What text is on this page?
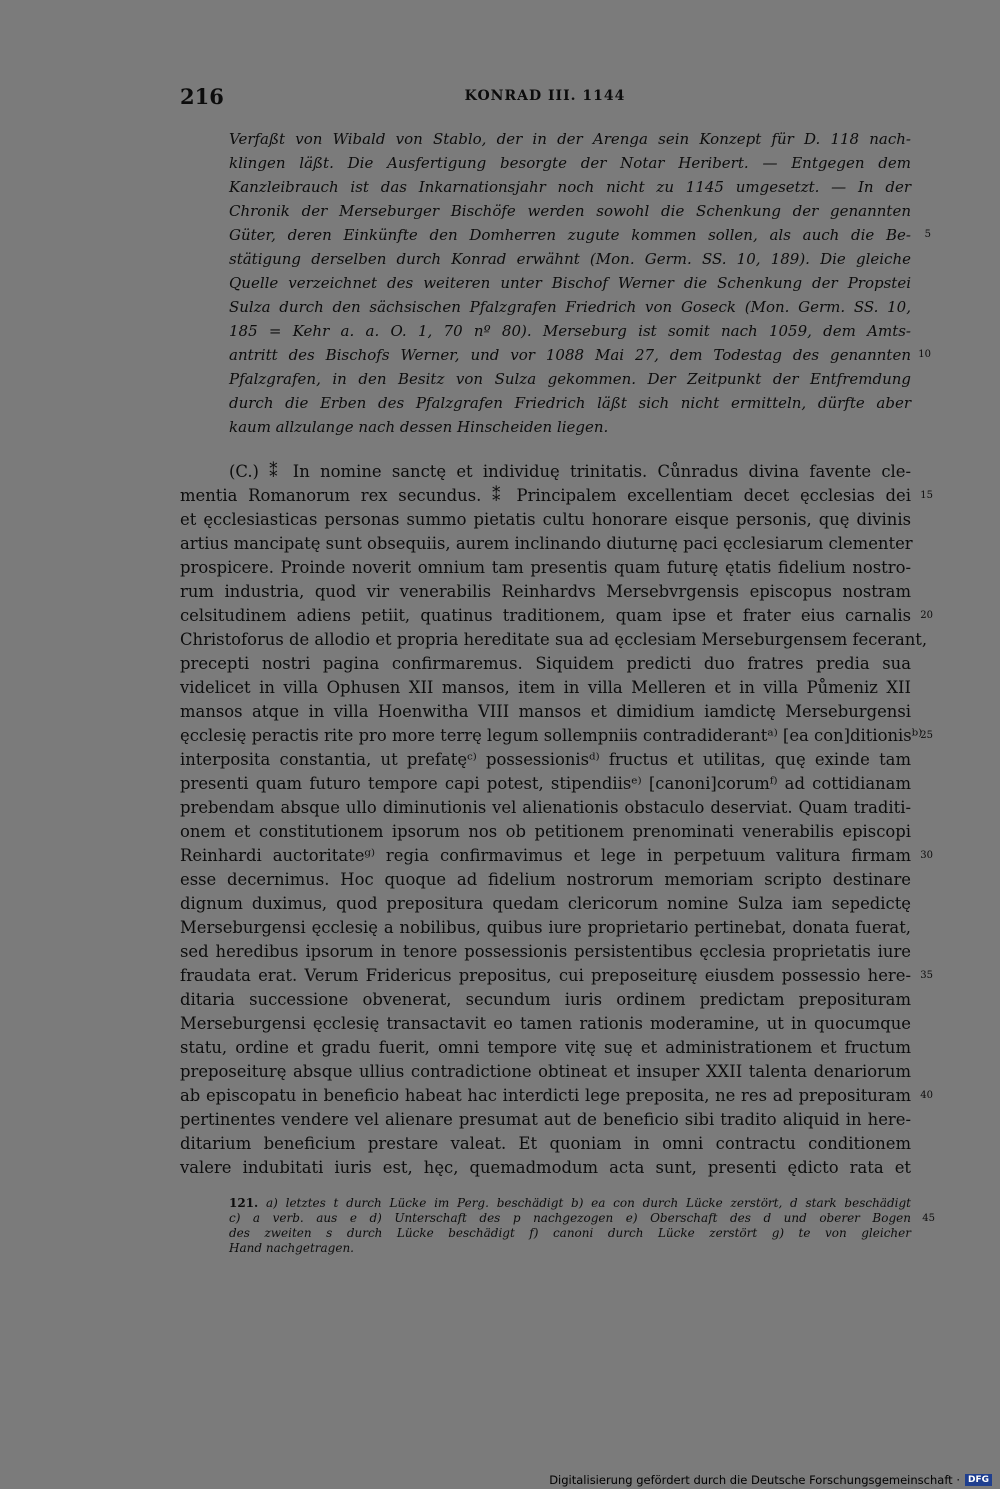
216	KONRAD III. 1144
Verfaßt von Wibald von Stablo, der in der Arenga sein Konzept für D. 118 nach-
klingen läßt. Die Ausfertigung besorgte der Notar Heribert. — Entgegen dem
Kanzleibrauch ist das Inkarnationsjahr noch nicht zu 1145 umgesetzt. — In der
Chronik der Merseburger Bischöfe werden sowohl die Schenkung der genannten
Güter, deren Einkünfte den Domherren zugute kommen sollen, als auch die Be- 5
stätigung derselben durch Konrad erwähnt (Mon. Germ. SS. 10, 189). Die gleiche
Quelle verzeichnet des weiteren unter Bischof Werner die Schenkung der Propstei
Sulza durch den sächsischen Pfalzgrafen Friedrich von Goseck (Mon. Germ. SS. 10,
185 = Kehr a. a. O. 1, 70 nº 80). Merseburg ist somit nach 1059, dem Amts-
antritt des Bischofs Werner, und vor 1088 Mai 27, dem Todestag des genannten 10
Pfalzgrafen, in den Besitz von Sulza gekommen. Der Zeitpunkt der Entfremdung
durch die Erben des Pfalzgrafen Friedrich läßt sich nicht ermitteln, dürfte aber
kaum allzulange nach dessen Hinscheiden liegen.
(C.) ⁑ In nomine sanctę et individuę trinitatis. Cůnradus divina favente cle-
mentia Romanorum rex secundus. ⁑ Principalem excellentiam decet ęcclesias dei 15
et ęcclesiasticas personas summo pietatis cultu honorare eisque personis, quę divinis
artius mancipatę sunt obsequiis, aurem inclinando diuturnę paci ęcclesiarum clementer
prospicere. Proinde noverit omnium tam presentis quam futurę ętatis fidelium nostro-
rum industria, quod vir venerabilis Reinhardvs Mersebvrgensis episcopus nostram
celsitudinem adiens petiit, quatinus traditionem, quam ipse et frater eius carnalis 20
Christoforus de allodio et propria hereditate sua ad ęcclesiam Merseburgensem fecerant,
precepti nostri pagina confirmaremus. Siquidem predicti duo fratres predia sua
videlicet in villa Ophusen XII mansos, item in villa Melleren et in villa Půmeniz XII
mansos atque in villa Hoenwitha VIII mansos et dimidium iamdictę Merseburgensi
ęcclesię peractis rite pro more terrę legum sollempniis contradiderantᵃ⁾ [ea con]ditionisᵇ⁾
25
interposita constantia, ut prefatęᶜ⁾ possessionisᵈ⁾ fructus et utilitas, quę exinde tam
presenti quam futuro tempore capi potest, stipendiisᵉ⁾ [canoni]corumᶠ⁾ ad cottidianam
prebendam absque ullo diminutionis vel alienationis obstaculo deserviat. Quam traditi-
onem et constitutionem ipsorum nos ob petitionem prenominati venerabilis episcopi
Reinhardi auctoritateᵍ⁾ regia confirmavimus et lege in perpetuum valitura firmam 30
esse decernimus. Hoc quoque ad fidelium nostrorum memoriam scripto destinare
dignum duximus, quod prepositura quedam clericorum nomine Sulza iam sepedictę
Merseburgensi ęcclesię a nobilibus, quibus iure proprietario pertinebat, donata fuerat,
sed heredibus ipsorum in tenore possessionis persistentibus ęcclesia proprietatis iure
fraudata erat. Verum Fridericus prepositus, cui preposeiturę eiusdem possessio here- 35
ditaria successione obvenerat, secundum iuris ordinem predictam preposituram
Merseburgensi ęcclesię transactavit eo tamen rationis moderamine, ut in quocumque
statu, ordine et gradu fuerit, omni tempore vitę suę et administrationem et fructum
preposeiturę absque ullius contradictione obtineat et insuper XXII talenta denariorum
ab episcopatu in beneficio habeat hac interdicti lege preposita, ne res ad preposituram 40
pertinentes vendere vel alienare presumat aut de beneficio sibi tradito aliquid in here-
ditarium beneficium prestare valeat. Et quoniam in omni contractu conditionem
valere indubitati iuris est, hęc, quemadmodum acta sunt, presenti ędicto rata et
121. a) letztes t durch Lücke im Perg. beschädigt b) ea con durch Lücke zerstört, d stark beschädigt
c) a verb. aus e d) Unterschaft des p nachgezogen e) Oberschaft des d und oberer Bogen 45
des zweiten s durch Lücke beschädigt f) canoni durch Lücke zerstört g) te von gleicher
Hand nachgetragen.
Digitalisierung gefördert durch die Deutsche Forschungsgemeinschaft · DFG
